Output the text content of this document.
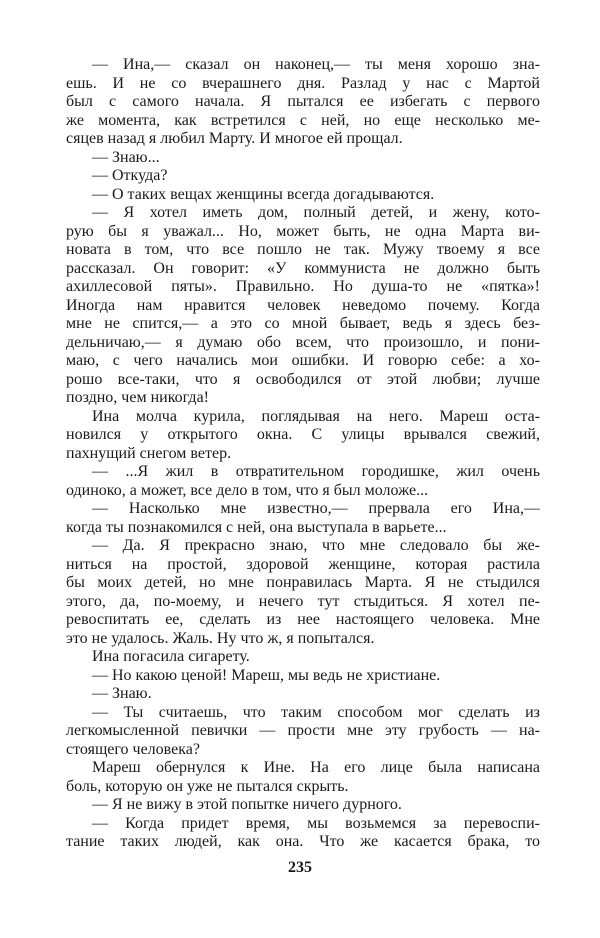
— Ина,— сказал он наконец,— ты меня хорошо зна-
ешь. И не со вчерашнего дня. Разлад у нас с Мартой
был с самого начала. Я пытался ее избегать с первого
же момента, как встретился с ней, но еще несколько ме-
сяцев назад я любил Марту. И многое ей прощал.
— Знаю...
— Откуда?
— О таких вещах женщины всегда догадываются.
— Я хотел иметь дом, полный детей, и жену, кото-
рую бы я уважал... Но, может быть, не одна Марта ви-
новата в том, что все пошло не так. Мужу твоему я все
рассказал. Он говорит: «У коммуниста не должно быть
ахиллесовой пяты». Правильно. Но душа-то не «пятка»!
Иногда нам нравится человек неведомо почему. Когда
мне не спится,— а это со мной бывает, ведь я здесь без-
дельничаю,— я думаю обо всем, что произошло, и пони-
маю, с чего начались мои ошибки. И говорю себе: а хо-
рошо все-таки, что я освободился от этой любви; лучше
поздно, чем никогда!
Ина молча курила, поглядывая на него. Мареш оста-
новился у открытого окна. С улицы врывался свежий,
пахнущий снегом ветер.
— ...Я жил в отвратительном городишке, жил очень
одиноко, а может, все дело в том, что я был моложе...
— Насколько мне известно,— прервала его Ина,—
когда ты познакомился с ней, она выступала в варьете...
— Да. Я прекрасно знаю, что мне следовало бы же-
ниться на простой, здоровой женщине, которая растила
бы моих детей, но мне понравилась Марта. Я не стыдился
этого, да, по-моему, и нечего тут стыдиться. Я хотел пе-
ревоспитать ее, сделать из нее настоящего человека. Мне
это не удалось. Жаль. Ну что ж, я попытался.
Ина погасила сигарету.
— Но какою ценой! Мареш, мы ведь не христиане.
— Знаю.
— Ты считаешь, что таким способом мог сделать из
легкомысленной певички — прости мне эту грубость — на-
стоящего человека?
Мареш обернулся к Ине. На его лице была написана
боль, которую он уже не пытался скрыть.
— Я не вижу в этой попытке ничего дурного.
— Когда придет время, мы возьмемся за перевоспи-
тание таких людей, как она. Что же касается брака, то
235
